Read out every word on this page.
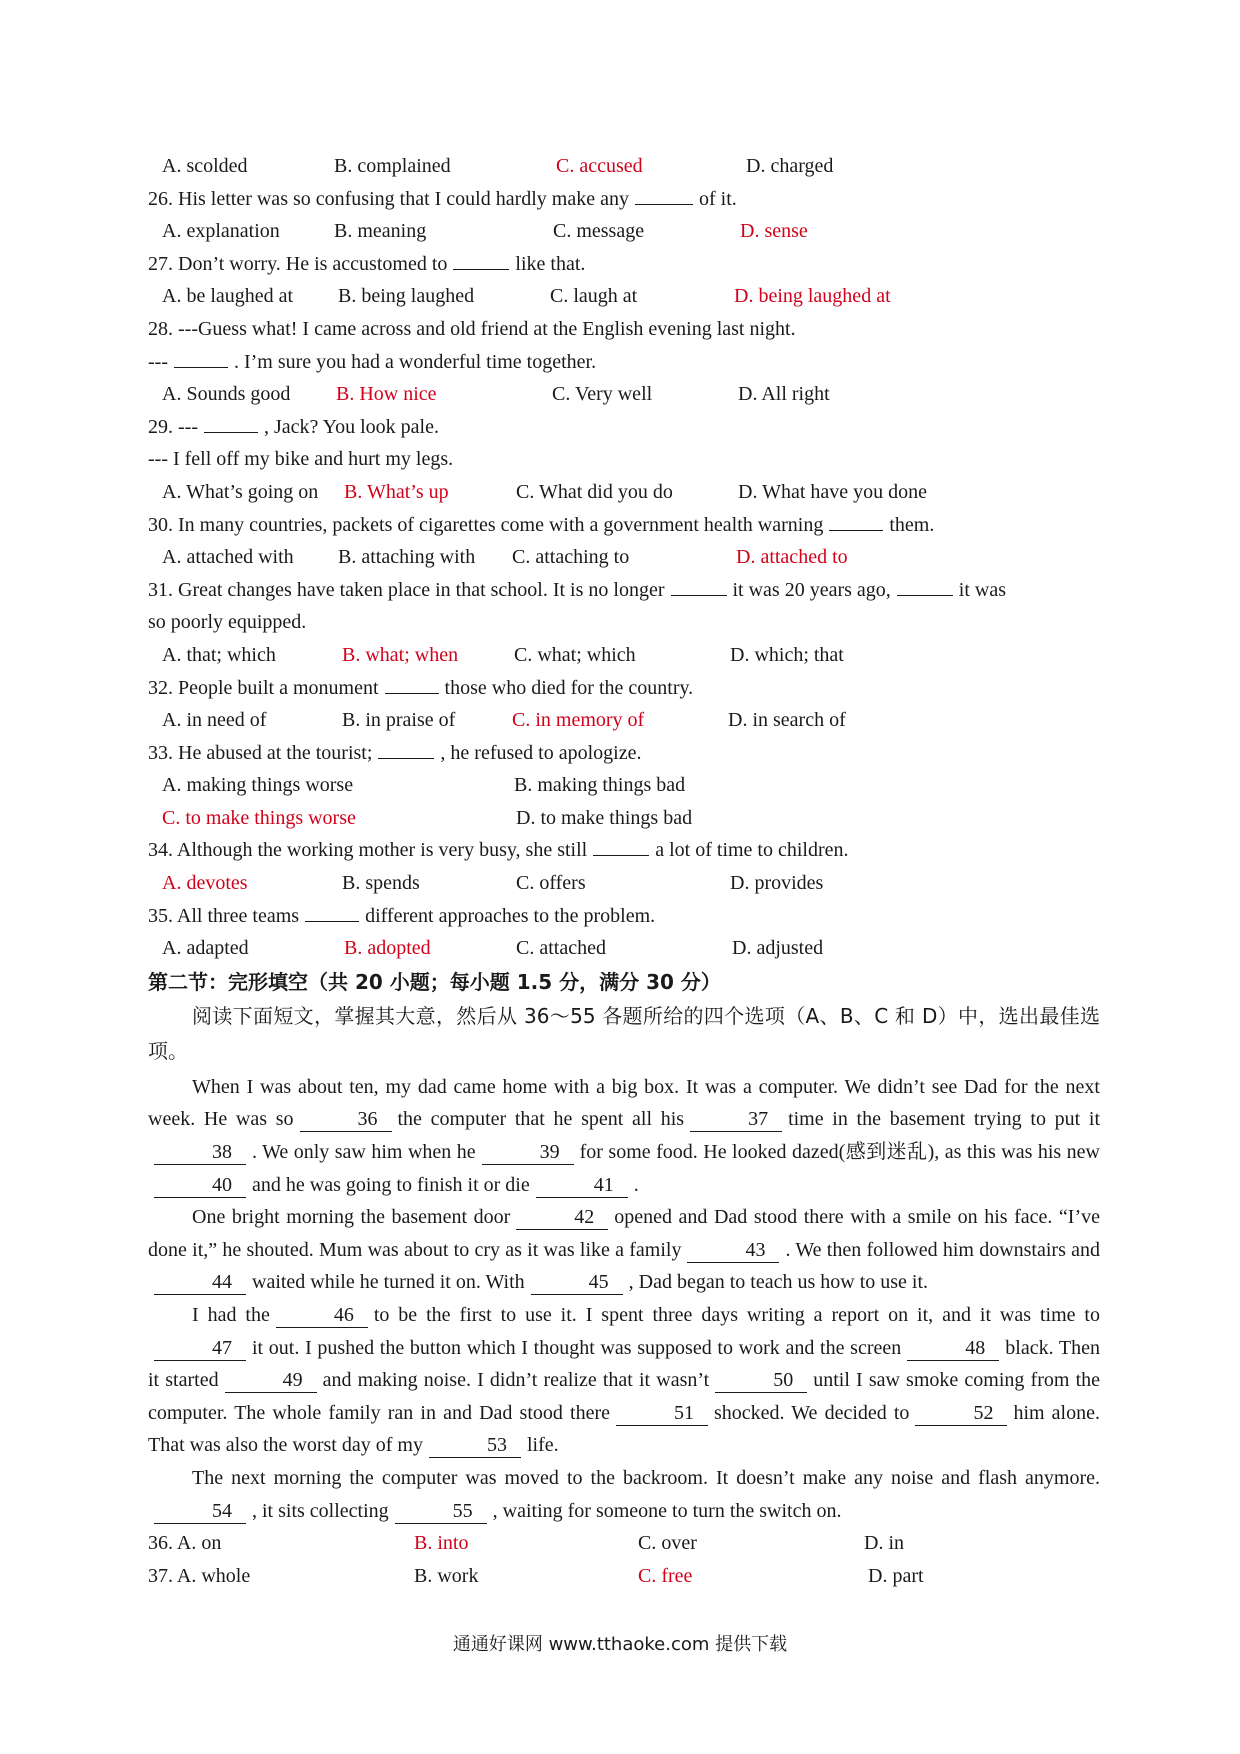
A. scolded	B. complained	C. accused	D. charged
26. His letter was so confusing that I could hardly make any	of it.
A. explanation	B. meaning	C. message	D. sense
27. Don’t worry. He is accustomed to	like that.
A. be laughed at B. being laughed	C. laugh at	D. being laughed at
28. ---Guess what! I came across and old friend at the English evening last night.
---	. I’m sure you had a wonderful time together.
A. Sounds good B. How nice	C. Very well	D. All right
29. ---	, Jack? You look pale.
--- I fell off my bike and hurt my legs.
A. What’s going on B. What’s up	C. What did you do	D. What have you done
30. In many countries, packets of cigarettes come with a government health warning	them.
A. attached with B. attaching with C. attaching to	D. attached to
31. Great changes have taken place in that school. It is no longer	it was 20 years ago,	it was
so poorly equipped.
A. that; which	B. what; when	C. what; which	D. which; that
32. People built a monument	those who died for the country.
A. in need of	B. in praise of	C. in memory of	D. in search of
33. He abused at the tourist;	, he refused to apologize.
A. making things worse	B. making things bad
C. to make things worse	D. to make things bad
34. Although the working mother is very busy, she still	a lot of time to children.
A. devotes	B. spends	C. offers	D. provides
35. All three teams	different approaches to the problem.
A. adapted	B. adopted	C. attached	D. adjusted
第二节：完形填空（共 20 小题；每小题 1.5 分，满分 30 分）
阅读下面短文，掌握其大意，然后从 36～55 各题所给的四个选项（A、B、C 和 D）中，选出最佳选项。
When I was about ten, my dad came home with a big box. It was a computer. We didn’t see Dad for the next week. He was so	36 the computer that he spent all his	37 time in the basement trying to put it38 . We only saw him when he	39 for some food. He looked dazed(感到迷乱), as this was his new40 and he was going to finish it or die	41 .
One bright morning the basement door	42 opened and Dad stood there with a smile on his face. “I’ve done it,” he shouted. Mum was about to cry as it was like a family	43 . We then followed him downstairs and44 waited while he turned it on. With	45 , Dad began to teach us how to use it.
I had the	46 to be the first to use it. I spent three days writing a report on it, and it was time to47 it out. I pushed the button which I thought was supposed to work and the screen	48 black. Then it started	49 and making noise. I didn’t realize that it wasn’t	50 until I saw smoke coming from the computer. The whole family ran in and Dad stood there	51 shocked. We decided to	52 him alone. That was also the worst day of my	53 life.
The next morning the computer was moved to the backroom. It doesn’t make any noise and flash anymore.54 , it sits collecting	55 , waiting for someone to turn the switch on.
36. A. on	B. into	C. over	D. in
37. A. whole	B. work	C. free	D. part
通通好课网 www.tthaoke.com 提供下载
